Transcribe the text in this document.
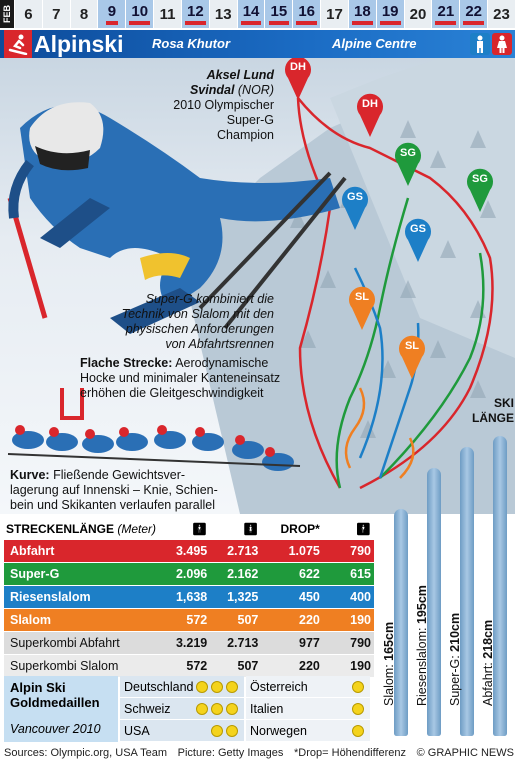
FEB 6 7 8 9 10 11 12 13 14 15 16 17 18 19 20 21 22 23
Alpinski Rosa Khutor	Alpine Centre
DH
DH
SG
SG
GS
GS
SL
SL
Aksel Lund
Svindal (NOR)
2010 Olympischer
Super-G
Champion
Super-G kombiniert die
Technik von Slalom mit den
physischen Anforderungen
von Abfahrtsrennen
Flache Strecke: Aerodynamische
Hocke und minimaler Kanteneinsatz
erhöhen die Gleitgeschwindigkeit
Kurve: Fließende Gewichtsver-
lagerung auf Innenski – Knie, Schien-
bein und Skikanten verlaufen parallel
SKI
LÄNGE
STRECKENLÄNGE (Meter)	🚹︎	🚺︎	DROP*	🚹︎
Abfahrt	3.495	2.713	1.075	790
Super-G	2.096	2.162	622	615
Riesenslalom	1,638	1,325	450	400
Slalom	572	507	220	190
Superkombi Abfahrt	3.219	2.713	977	790
Superkombi Slalom	572	507	220	190
Alpin Ski
Goldmedaillen
Vancouver 2010
Deutschland	Österreich
Schweiz	Italien
USA	Norwegen
Slalom: 165cm Riesenslalom: 195cm
Super-G: 210cm
Abfahrt: 218cm
Sources: Olympic.org, USA Team Picture: Getty Images *Drop= Höhendifferenz © GRAPHIC NEWS
